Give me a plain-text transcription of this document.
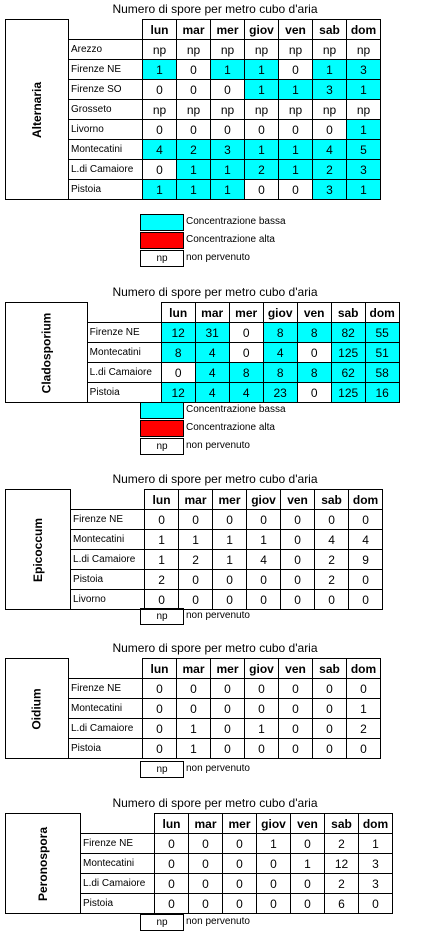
Numero di spore per metro cubo d'aria
Alternaria		lun	mar	mer	giov	ven	sab	dom
	Arezzo	np	np	np	np	np	np	np
	Firenze NE	1	0	1	1	0	1	3
	Firenze SO	0	0	0	1	1	3	1
	Grosseto	np	np	np	np	np	np	np
	Livorno	0	0	0	0	0	0	1
	Montecatini	4	2	3	1	1	4	5
	L.di Camaiore	0	1	1	2	1	2	3
	Pistoia	1	1	1	0	0	3	1

Concentrazione bassa
Concentrazione alta
np	non pervenuto
Numero di spore per metro cubo d'aria
Cladosporium		lun	mar	mer	giov	ven	sab	dom
	Firenze NE	12	31	0	8	8	82	55
	Montecatini	8	4	0	4	0	125	51
	L.di Camaiore	0	4	8	8	8	62	58
	Pistoia	12	4	4	23	0	125	16
Concentrazione bassa
Concentrazione alta
np	non pervenuto
Numero di spore per metro cubo d'aria
Epicoccum		lun	mar	mer	giov	ven	sab	dom
	Firenze NE	0	0	0	0	0	0	0
	Montecatini	1	1	1	1	0	4	4
	L.di Camaiore	1	2	1	4	0	2	9
	Pistoia	2	0	0	0	0	2	0
	Livorno	0	0	0	0	0	0	0

np	non pervenuto
Numero di spore per metro cubo d'aria
Oidium		lun	mar	mer	giov	ven	sab	dom
	Firenze NE	0	0	0	0	0	0	0
	Montecatini	0	0	0	0	0	0	1
	L.di Camaiore	0	1	0	1	0	0	2
	Pistoia	0	1	0	0	0	0	0
np	non pervenuto
Numero di spore per metro cubo d'aria
Peronospora		lun	mar	mer	giov	ven	sab	dom
	Firenze NE	0	0	0	1	0	2	1
	Montecatini	0	0	0	0	1	12	3
	L.di Camaiore	0	0	0	0	0	2	3
	Pistoia	0	0	0	0	0	6	0
np	non pervenuto
